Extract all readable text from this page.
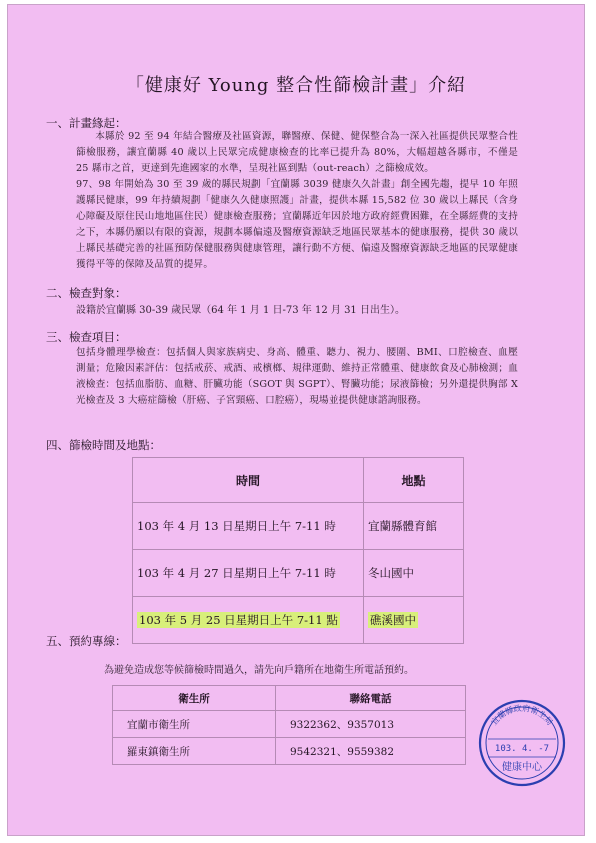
「健康好 Young 整合性篩檢計畫」介紹
一、計畫緣起：

本縣於 92 至 94 年結合醫療及社區資源，聯醫療、保健、健保整合為一深入社區提供民眾整合性篩檢服務，讓宜蘭縣 40 歲以上民眾完成健康檢查的比率已提升為 80%，大幅超越各縣市，不僅是 25 縣市之首，更達到先進國家的水準，呈現社區到點（out-reach）之篩檢成效。

97、98 年開始為 30 至 39 歲的縣民規劃「宜蘭縣 3039 健康久久計畫」創全國先趨，提早 10 年照護縣民健康，99 年持續規劃「健康久久健康照護」計畫，提供本縣 15,582 位 30 歲以上縣民（含身心障礙及原住民山地地區住民）健康檢查服務；宜蘭縣近年因於地方政府經費困難，在全縣經費的支持之下，本縣仍願以有限的資源，規劃本縣偏遠及醫療資源缺乏地區民眾基本的健康服務，提供 30 歲以上縣民基礎完善的社區預防保健服務與健康管理，讓行動不方便、偏遠及醫療資源缺乏地區的民眾健康獲得平等的保障及品質的提昇。

二、檢查對象：
設籍於宜蘭縣 30-39 歲民眾（64 年 1 月 1 日-73 年 12 月 31 日出生）。
三、檢查項目：
包括身體理學檢查：包括個人與家族病史、身高、體重、聽力、視力、腰圍、BMI、口腔檢查、血壓測量；危險因素評估：包括戒菸、戒酒、戒檳榔、規律運動、維持正常體重、健康飲食及心肺檢測；血液檢查：包括血脂肪、血糖、肝臟功能（SGOT 與 SGPT）、腎臟功能；尿液篩檢；另外還提供胸部 X 光檢查及 3 大癌症篩檢（肝癌、子宮頸癌、口腔癌），現場並提供健康諮詢服務。
四、篩檢時間及地點：
時間	地點
103 年 4 月 13 日星期日上午 7-11 時	宜蘭縣體育館
103 年 4 月 27 日星期日上午 7-11 時	冬山國中
103 年 5 月 25 日星期日上午 7-11 點	礁溪國中
五、預約專線：
為避免造成您等候篩檢時間過久，請先向戶籍所在地衛生所電話預約。
衛生所	聯絡電話
宜蘭市衛生所	9322362、9357013
羅東鎮衛生所	9542321、9559382
宜蘭縣政府衛生局
103. 4. -7
健康中心
